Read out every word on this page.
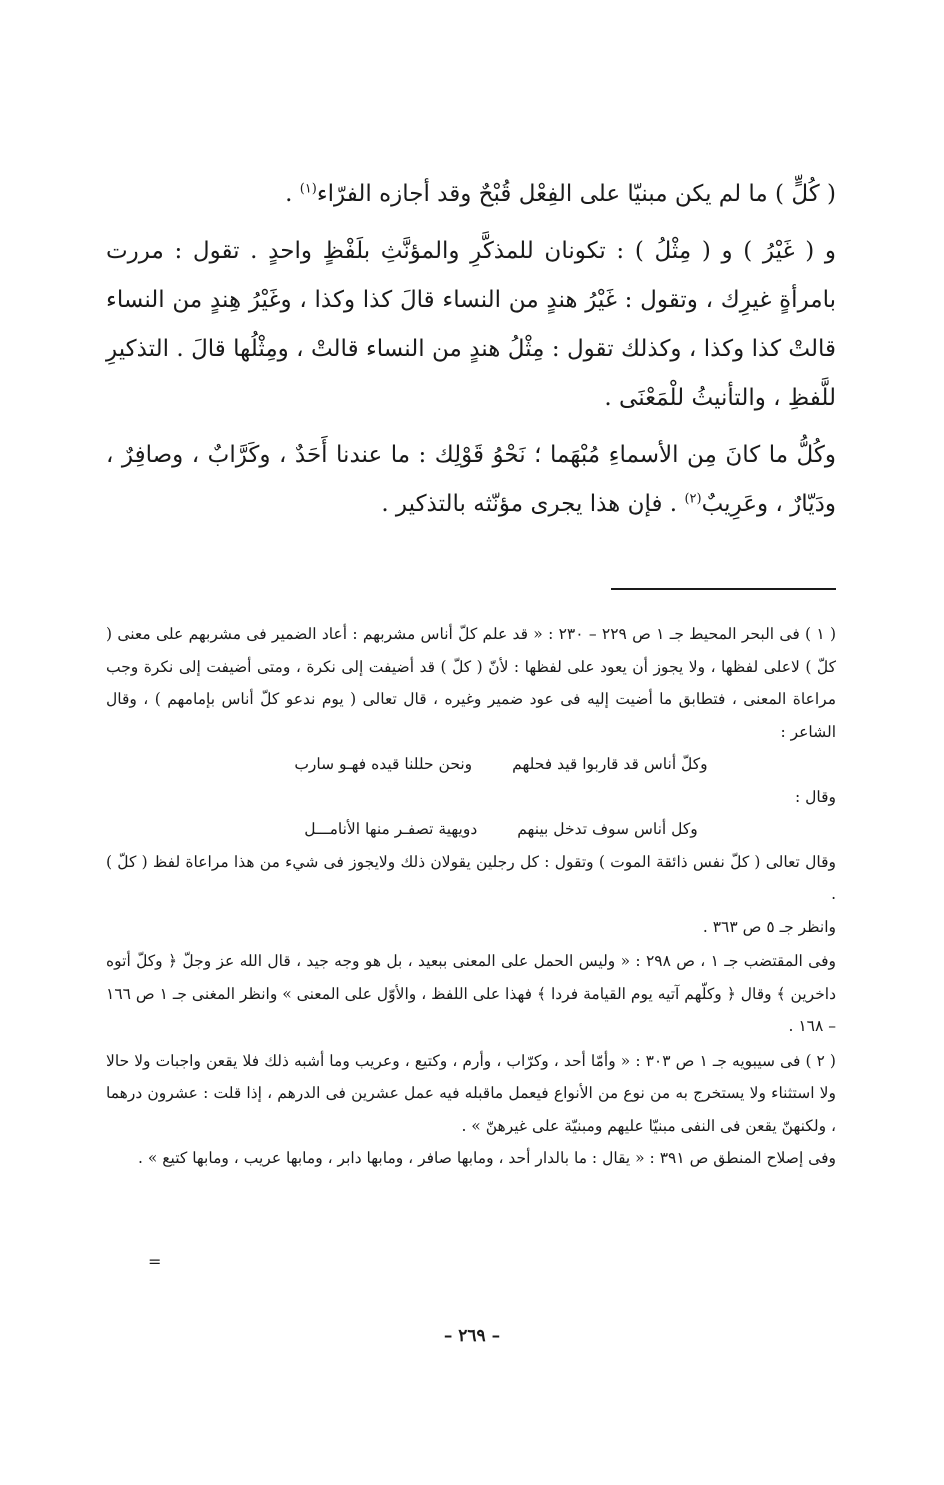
( كُلٍّ ) ما لم يكن مبنيّا على الفِعْل قُبْحٌ وقد أجازه الفرّاء$^{(١)}$ .

و ( غَيْرُ ) و ( مِثْلُ ) : تكونان للمذكَّرِ والمؤنَّثِ بلَفْظٍ واحدٍ . تقول : مررت بامرأةٍ غيرِك ، وتقول : غَيْرُ هندٍ من النساء قالَ كذا وكذا ، وغَيْرُ هِندٍ من النساء قالتْ كذا وكذا ، وكذلك تقول : مِثْلُ هندٍ من النساء قالتْ ، ومِثْلُها قالَ . التذكيرِ للَّفظِ ، والتأنيثُ للْمَعْنَى .

وكُلُّ ما كانَ مِن الأسماءِ مُبْهَما ؛ نَحْوُ قَوْلِك : ما عندنا أَحَدٌ ، وكَرَّابٌ ، وصافِرٌ ، ودَيّارٌ ، وعَرِيبٌ$^{(٢)}$ . فإن هذا يجرى مؤنّثه بالتذكير .

( ١ ) فى البحر المحيط جـ ١ ص ٢٢٩ – ٢٣٠ : « قد علم كلّ أناس مشربهم : أعاد الضمير فى مشربهم على معنى ( كلّ ) لاعلى لفظها ، ولا يجوز أن يعود على لفظها : لأنّ ( كلّ ) قد أضيفت إلى نكرة ، ومتى أضيفت إلى نكرة وجب مراعاة المعنى ، فتطابق ما أضيت إليه فى عود ضمير وغيره ، قال تعالى ( يوم ندعو كلّ أناس بإمامهم ) ، وقال الشاعر :

وكلّ أناس قد قاربوا قيد فحلهم
ونحن حللنا قيده فهـو سارب

وقال :

وكل أناس سوف تدخل بينهم
دويهية تصفـر منها الأنامـــل

وقال تعالى ( كلّ نفس ذائقة الموت ) وتقول : كل رجلين يقولان ذلك ولايجوز فى شيء من هذا مراعاة لفظ ( كلّ ) .

وانظر جـ ٥ ص ٣٦٣ .

وفى المقتضب جـ ١ ، ص ٢٩٨ : « وليس الحمل على المعنى ببعيد ، بل هو وجه جيد ، قال الله عز وجلّ ﴿ وكلّ أتوه داخرين ﴾ وقال ﴿ وكلّهم آتيه يوم القيامة فردا ﴾ فهذا على اللفظ ، والأوّل على المعنى » وانظر المغنى جـ ١ ص ١٦٦ – ١٦٨ .

( ٢ ) فى سيبويه جـ ١ ص ٣٠٣ : « وأمّا أحد ، وكرّاب ، وأرم ، وكتيع ، وعريب وما أشبه ذلك فلا يقعن واجبات ولا حالا ولا استثناء ولا يستخرج به من نوع من الأنواع فيعمل ماقبله فيه عمل عشرين فى الدرهم ، إذا قلت : عشرون درهما ، ولكنهنّ يقعن فى النفى مبنيّا عليهم ومبنيّة على غيرهنّ » .

وفى إصلاح المنطق ص ٣٩١ : « يقال : ما بالدار أحد ، ومابها صافر ، ومابها دابر ، ومابها عريب ، ومابها كتيع » .

=
– ٢٦٩ –
